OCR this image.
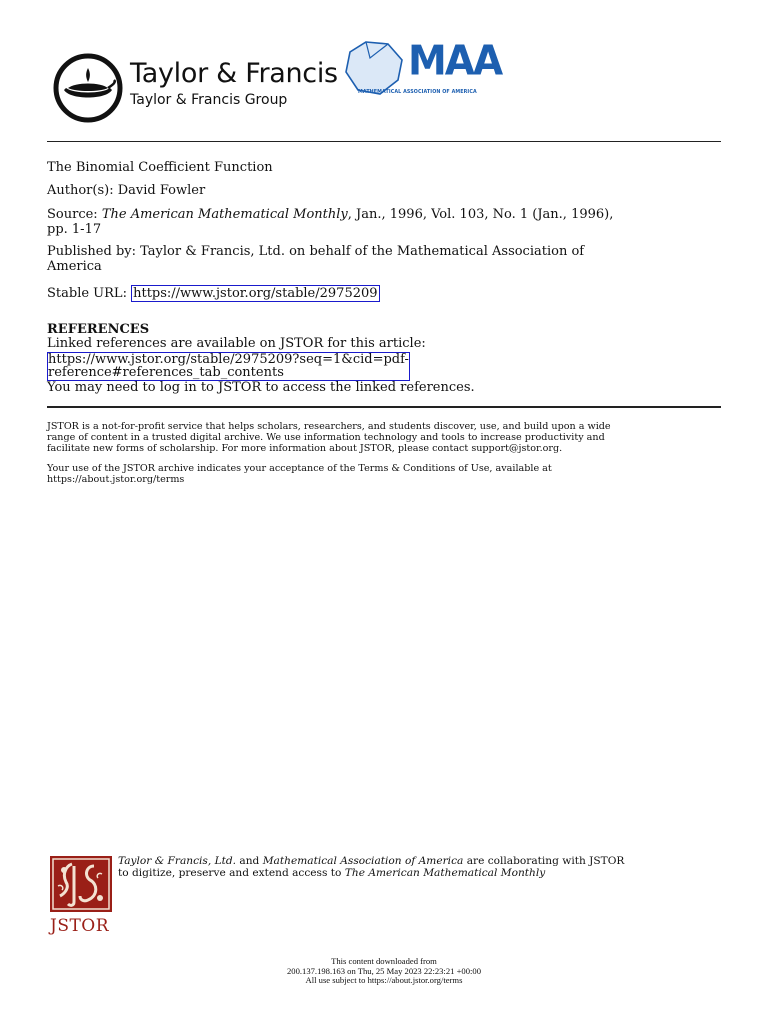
Taylor & Francis
Taylor & Francis Group
MAA
MATHEMATICAL ASSOCIATION OF AMERICA
The Binomial Coefficient Function
Author(s): David Fowler
Source: The American Mathematical Monthly, Jan., 1996, Vol. 103, No. 1 (Jan., 1996),
pp. 1-17
Published by: Taylor & Francis, Ltd. on behalf of the Mathematical Association of
America
Stable URL: https://www.jstor.org/stable/2975209
REFERENCES
Linked references are available on JSTOR for this article:
https://www.jstor.org/stable/2975209?seq=1&cid=pdf-
reference#references_tab_contents
You may need to log in to JSTOR to access the linked references.
JSTOR is a not-for-profit service that helps scholars, researchers, and students discover, use, and build upon a wide
range of content in a trusted digital archive. We use information technology and tools to increase productivity and
facilitate new forms of scholarship. For more information about JSTOR, please contact support@jstor.org.
Your use of the JSTOR archive indicates your acceptance of the Terms & Conditions of Use, available at
https://about.jstor.org/terms
JSTOR
Taylor & Francis, Ltd. and Mathematical Association of America are collaborating with JSTOR
to digitize, preserve and extend access to The American Mathematical Monthly
This content downloaded from
200.137.198.163 on Thu, 25 May 2023 22:23:21 +00:00
All use subject to https://about.jstor.org/terms
